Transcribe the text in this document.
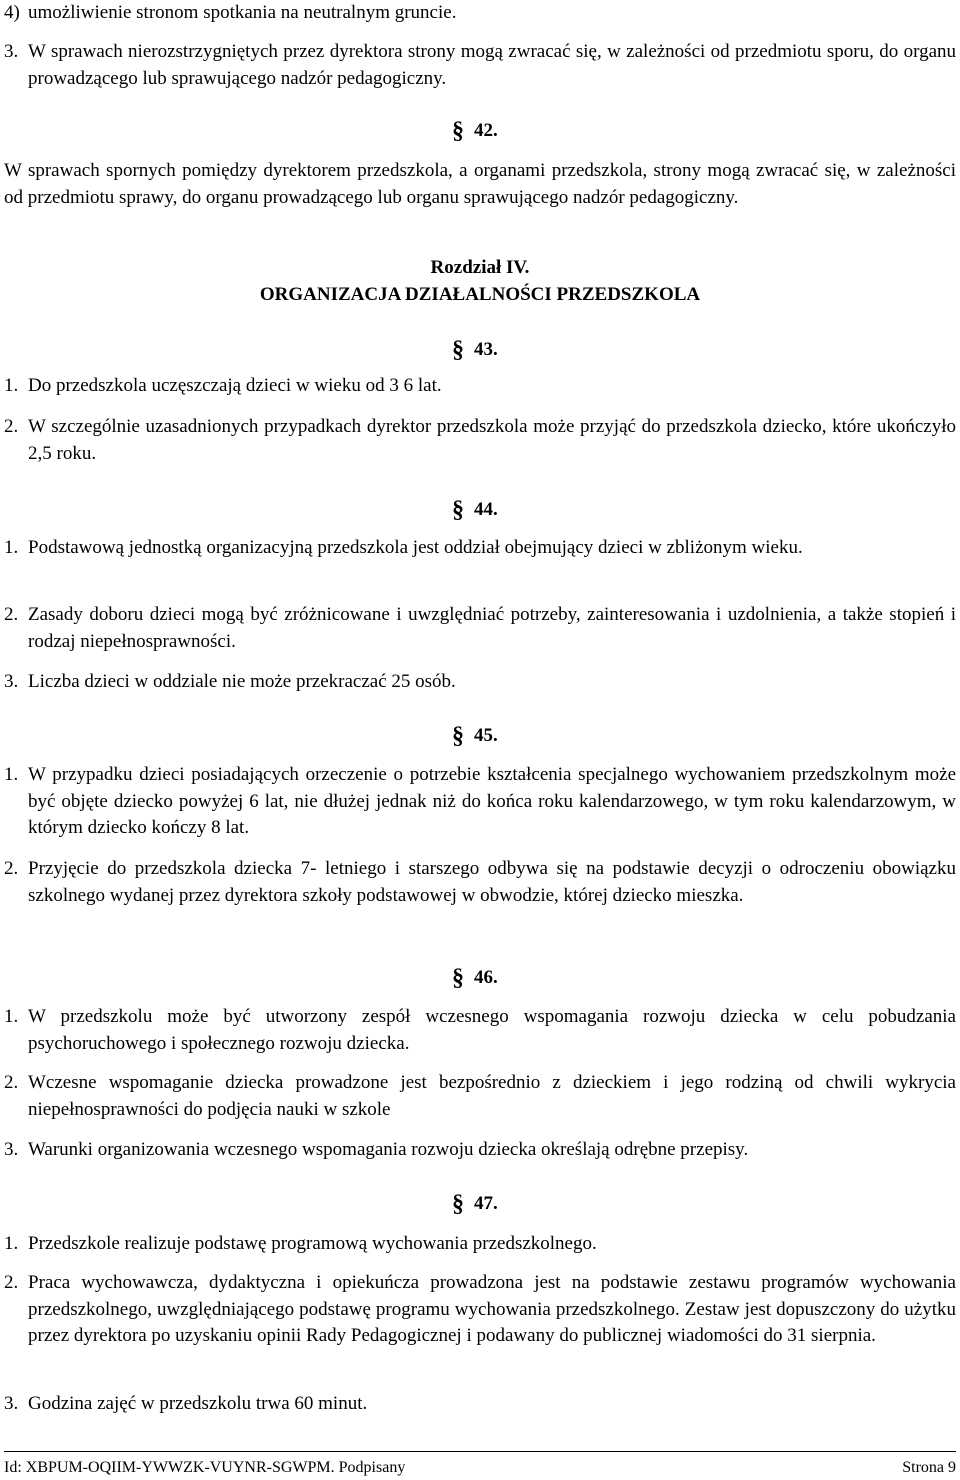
4) umożliwienie stronom spotkania na neutralnym gruncie.
3. W sprawach nierozstrzygniętych przez dyrektora strony mogą zwracać się, w zależności od przedmiotu sporu, do organu prowadzącego lub sprawującego nadzór pedagogiczny.
§ 42.
W sprawach spornych pomiędzy dyrektorem przedszkola, a organami przedszkola, strony mogą zwracać się, w zależności od przedmiotu sprawy, do organu prowadzącego lub organu sprawującego nadzór pedagogiczny.
Rozdział IV.
ORGANIZACJA DZIAŁALNOŚCI PRZEDSZKOLA
§ 43.
1. Do przedszkola uczęszczają dzieci w wieku od 3 6 lat.
2. W szczególnie uzasadnionych przypadkach dyrektor przedszkola może przyjąć do przedszkola dziecko, które ukończyło 2,5 roku.
§ 44.
1. Podstawową jednostką organizacyjną przedszkola jest oddział obejmujący dzieci w zbliżonym wieku.
2. Zasady doboru dzieci mogą być zróżnicowane i uwzględniać potrzeby, zainteresowania i uzdolnienia, a także stopień i rodzaj niepełnosprawności.
3. Liczba dzieci w oddziale nie może przekraczać 25 osób.
§ 45.
1. W przypadku dzieci posiadających orzeczenie o potrzebie kształcenia specjalnego wychowaniem przedszkolnym może być objęte dziecko powyżej 6 lat, nie dłużej jednak niż do końca roku kalendarzowego, w tym roku kalendarzowym, w którym dziecko kończy 8 lat.
2. Przyjęcie do przedszkola dziecka 7- letniego i starszego odbywa się na podstawie decyzji o odroczeniu obowiązku szkolnego wydanej przez dyrektora szkoły podstawowej w obwodzie, której dziecko mieszka.
§ 46.
1. W przedszkolu może być utworzony zespół wczesnego wspomagania rozwoju dziecka w celu pobudzania psychoruchowego i społecznego rozwoju dziecka.
2. Wczesne wspomaganie dziecka prowadzone jest bezpośrednio z dzieckiem i jego rodziną od chwili wykrycia niepełnosprawności do podjęcia nauki w szkole
3. Warunki organizowania wczesnego wspomagania rozwoju dziecka określają odrębne przepisy.
§ 47.
1. Przedszkole realizuje podstawę programową wychowania przedszkolnego.
2. Praca wychowawcza, dydaktyczna i opiekuńcza prowadzona jest na podstawie zestawu programów wychowania przedszkolnego, uwzględniającego podstawę programu wychowania przedszkolnego. Zestaw jest dopuszczony do użytku przez dyrektora po uzyskaniu opinii Rady Pedagogicznej i podawany do publicznej wiadomości do 31 sierpnia.
3. Godzina zajęć w przedszkolu trwa 60 minut.
Id: XBPUM-OQIIM-YWWZK-VUYNR-SGWPM. Podpisany	Strona 9
